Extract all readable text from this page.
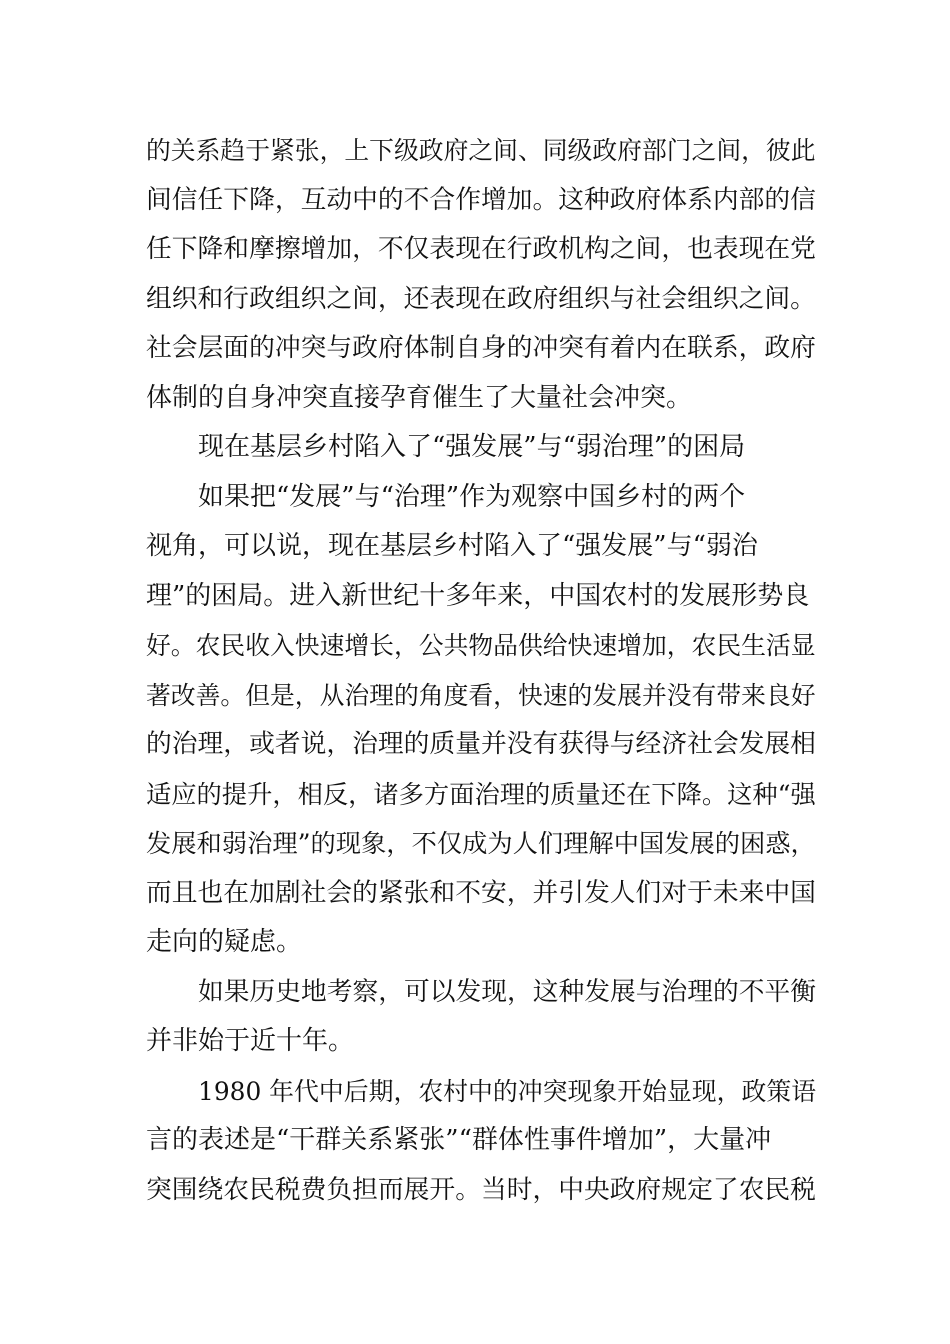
的关系趋于紧张，上下级政府之间、同级政府部门之间，彼此
间信任下降，互动中的不合作增加。这种政府体系内部的信
任下降和摩擦增加，不仅表现在行政机构之间，也表现在党
组织和行政组织之间，还表现在政府组织与社会组织之间。
社会层面的冲突与政府体制自身的冲突有着内在联系，政府
体制的自身冲突直接孕育催生了大量社会冲突。
现在基层乡村陷入了“强发展”与“弱治理”的困局
如果把“发展”与“治理”作为观察中国乡村的两个
视角，可以说，现在基层乡村陷入了“强发展”与“弱治
理”的困局。进入新世纪十多年来，中国农村的发展形势良
好。农民收入快速增长，公共物品供给快速增加，农民生活显
著改善。但是，从治理的角度看，快速的发展并没有带来良好
的治理，或者说，治理的质量并没有获得与经济社会发展相
适应的提升，相反，诸多方面治理的质量还在下降。这种“强
发展和弱治理”的现象，不仅成为人们理解中国发展的困惑，
而且也在加剧社会的紧张和不安，并引发人们对于未来中国
走向的疑虑。
如果历史地考察，可以发现，这种发展与治理的不平衡
并非始于近十年。
1980 年代中后期，农村中的冲突现象开始显现，政策语
言的表述是“干群关系紧张”“群体性事件增加”，大量冲
突围绕农民税费负担而展开。当时，中央政府规定了农民税
